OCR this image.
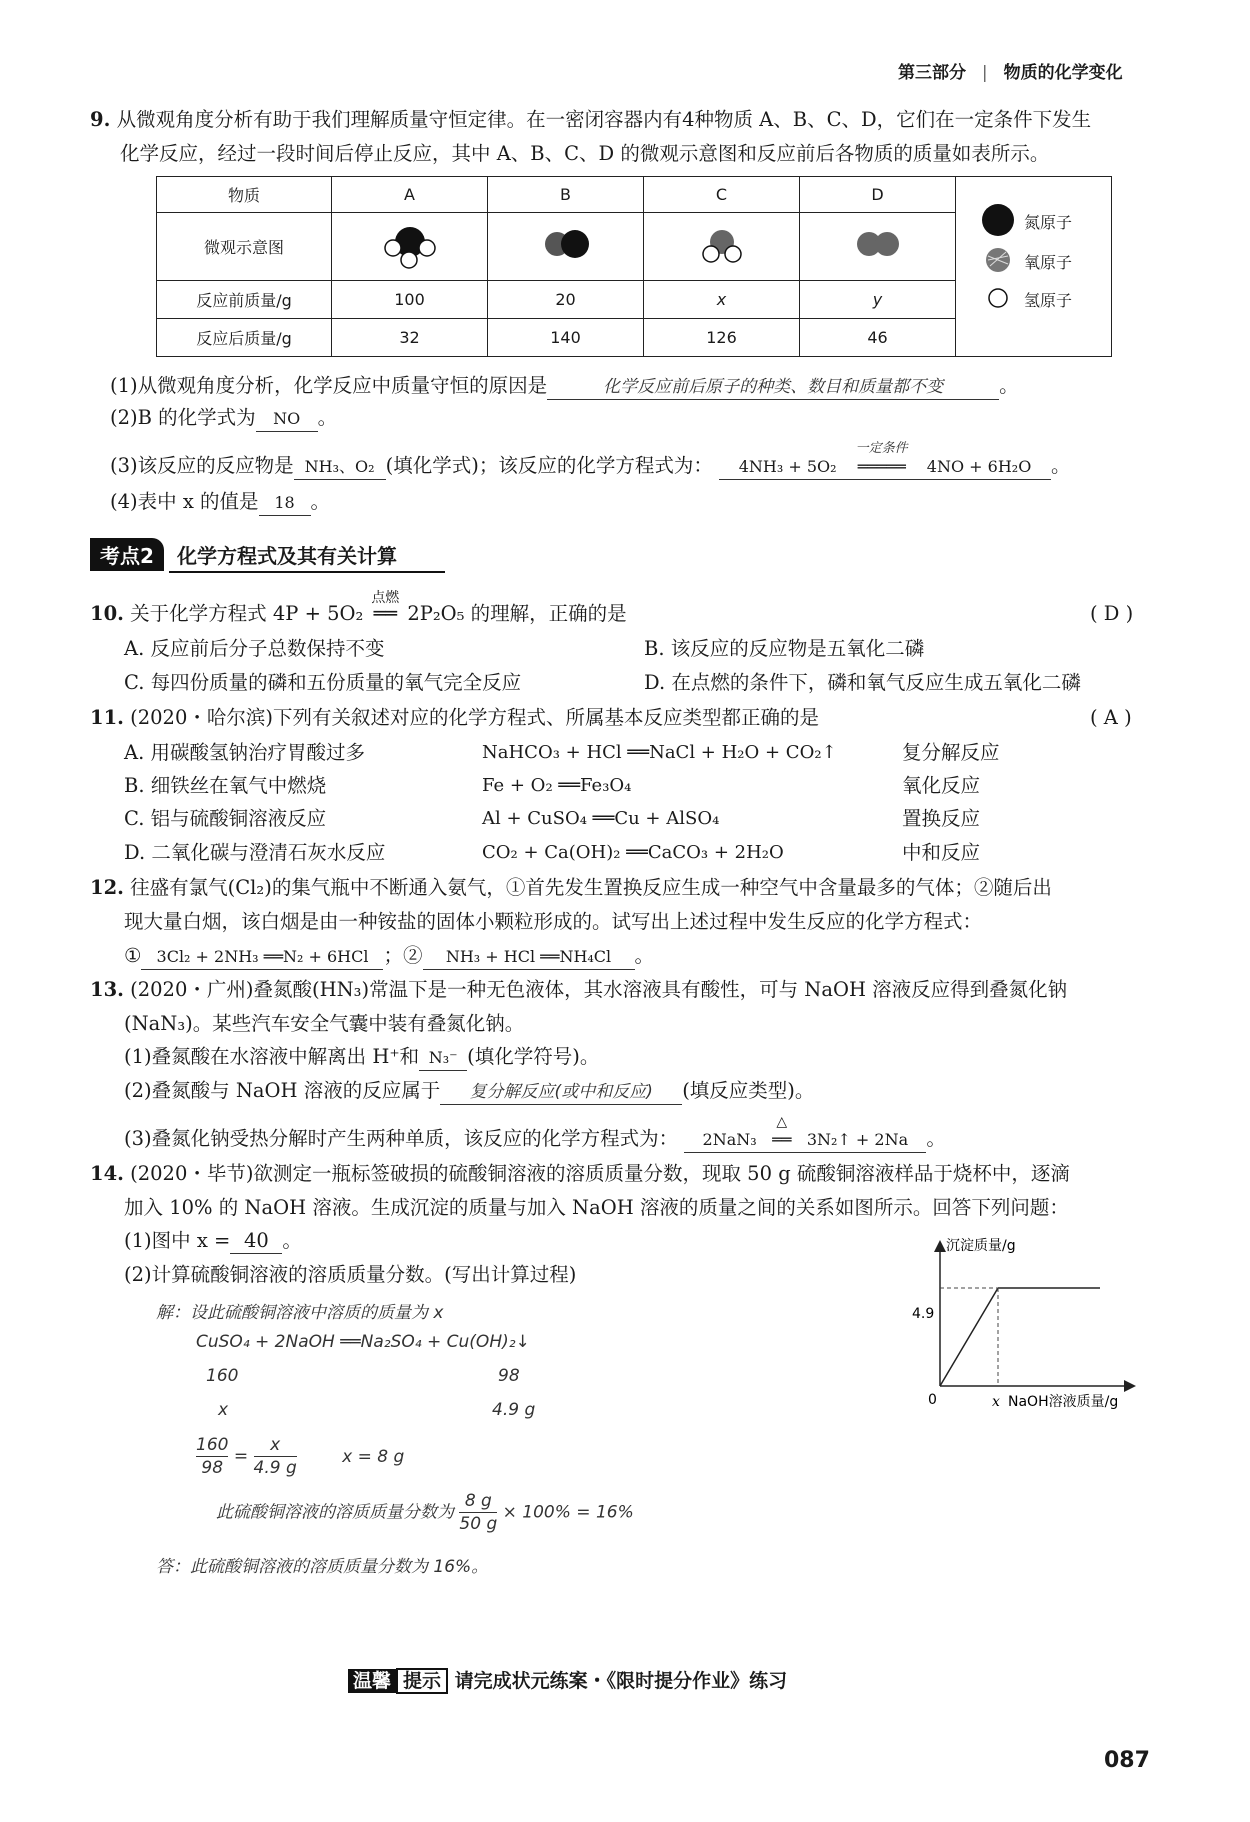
第三部分 | 物质的化学变化
9. 从微观角度分析有助于我们理解质量守恒定律。在一密闭容器内有4种物质 A、B、C、D，它们在一定条件下发生
化学反应，经过一段时间后停止反应，其中 A、B、C、D 的微观示意图和反应前后各物质的质量如表所示。
物质	A	B	C	D	氮原子
氧原子
氢原子

微观示意图				
反应前质量/g	100	20	x	y	
反应后质量/g	32	140	126	46	
(1)从微观角度分析，化学反应中质量守恒的原因是	化学反应前后原子的种类、数目和质量都不变	。
(2)B 的化学式为 NO 。
(3)该反应的反应物是 NH₃、O₂ (填化学式)；该反应的化学方程式为： 4NH₃ + 5O₂
一定条件
═════ 4NO + 6H₂O 。
(4)表中 x 的值是 18 。
考点2 化学方程式及其有关计算
10. 关于化学方程式 4P + 5O₂
点燃
══ 2P₂O₅ 的理解，正确的是	( D )
A. 反应前后分子总数保持不变	B. 该反应的反应物是五氧化二磷
C. 每四份质量的磷和五份质量的氧气完全反应	D. 在点燃的条件下，磷和氧气反应生成五氧化二磷
11. (2020・哈尔滨)下列有关叙述对应的化学方程式、所属基本反应类型都正确的是	( A )
A. 用碳酸氢钠治疗胃酸过多	NaHCO₃ + HCl ══NaCl + H₂O + CO₂↑	复分解反应
B. 细铁丝在氧气中燃烧	Fe + O₂ ══Fe₃O₄	氧化反应
C. 铝与硫酸铜溶液反应	Al + CuSO₄ ══Cu + AlSO₄	置换反应
D. 二氧化碳与澄清石灰水反应	CO₂ + Ca(OH)₂ ══CaCO₃ + 2H₂O	中和反应
12. 往盛有氯气(Cl₂)的集气瓶中不断通入氨气，①首先发生置换反应生成一种空气中含量最多的气体；②随后出
现大量白烟，该白烟是由一种铵盐的固体小颗粒形成的。试写出上述过程中发生反应的化学方程式：
① 3Cl₂ + 2NH₃ ══N₂ + 6HCl ；② NH₃ + HCl ══NH₄Cl 。
13. (2020・广州)叠氮酸(HN₃)常温下是一种无色液体，其水溶液具有酸性，可与 NaOH 溶液反应得到叠氮化钠
(NaN₃)。某些汽车安全气囊中装有叠氮化钠。
(1)叠氮酸在水溶液中解离出 H⁺和 N₃⁻ (填化学符号)。
(2)叠氮酸与 NaOH 溶液的反应属于 复分解反应(或中和反应) (填反应类型)。
(3)叠氮化钠受热分解时产生两种单质，该反应的化学方程式为： 2NaN₃
△
══ 3N₂↑ + 2Na 。
14. (2020・毕节)欲测定一瓶标签破损的硫酸铜溶液的溶质质量分数，现取 50 g 硫酸铜溶液样品于烧杯中，逐滴
加入 10% 的 NaOH 溶液。生成沉淀的质量与加入 NaOH 溶液的质量之间的关系如图所示。回答下列问题：
(1)图中 x = 40 。
(2)计算硫酸铜溶液的溶质质量分数。(写出计算过程)
解：设此硫酸铜溶液中溶质的质量为 x
CuSO₄ + 2NaOH ══Na₂SO₄ + Cu(OH)₂↓
160	98
x	4.9 g
$\frac{160}{98} = \frac{x}{4.9 g}$	x = 8 g
此硫酸铜溶液的溶质质量分数为 $\frac{8 g}{50 g} \times 100\% = 16\%$
答：此硫酸铜溶液的溶质质量分数为 16%。
沉淀质量/g
NaOH溶液质量/g
4.9
0	x
温馨 提示 请完成状元练案・《限时提分作业》练习
087
